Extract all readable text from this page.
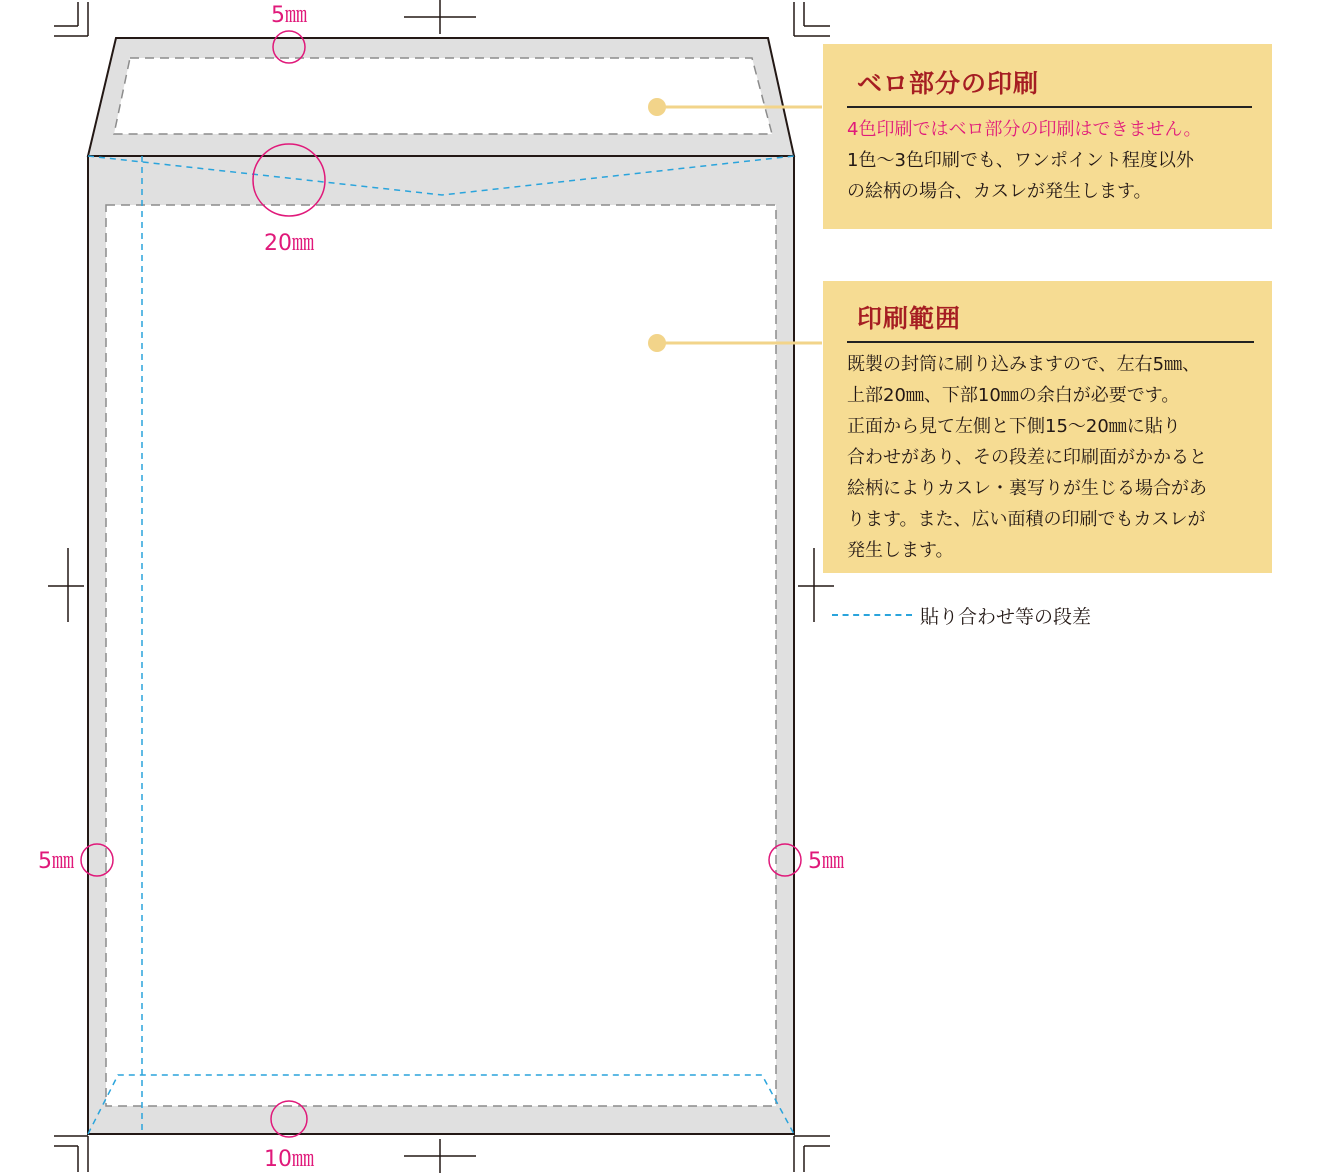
5㎜
20㎜
5㎜	5㎜
10㎜
ベロ部分の印刷

4色印刷ではベロ部分の印刷はできません。

1色～3色印刷でも、ワンポイント程度以外

の絵柄の場合、カスレが発生します。

印刷範囲

既製の封筒に刷り込みますので、左右5㎜、

上部20㎜、下部10㎜の余白が必要です。

正面から見て左側と下側15～20㎜に貼り

合わせがあり、その段差に印刷面がかかると

絵柄によりカスレ・裏写りが生じる場合があ

ります。また、広い面積の印刷でもカスレが

発生します。

貼り合わせ等の段差
